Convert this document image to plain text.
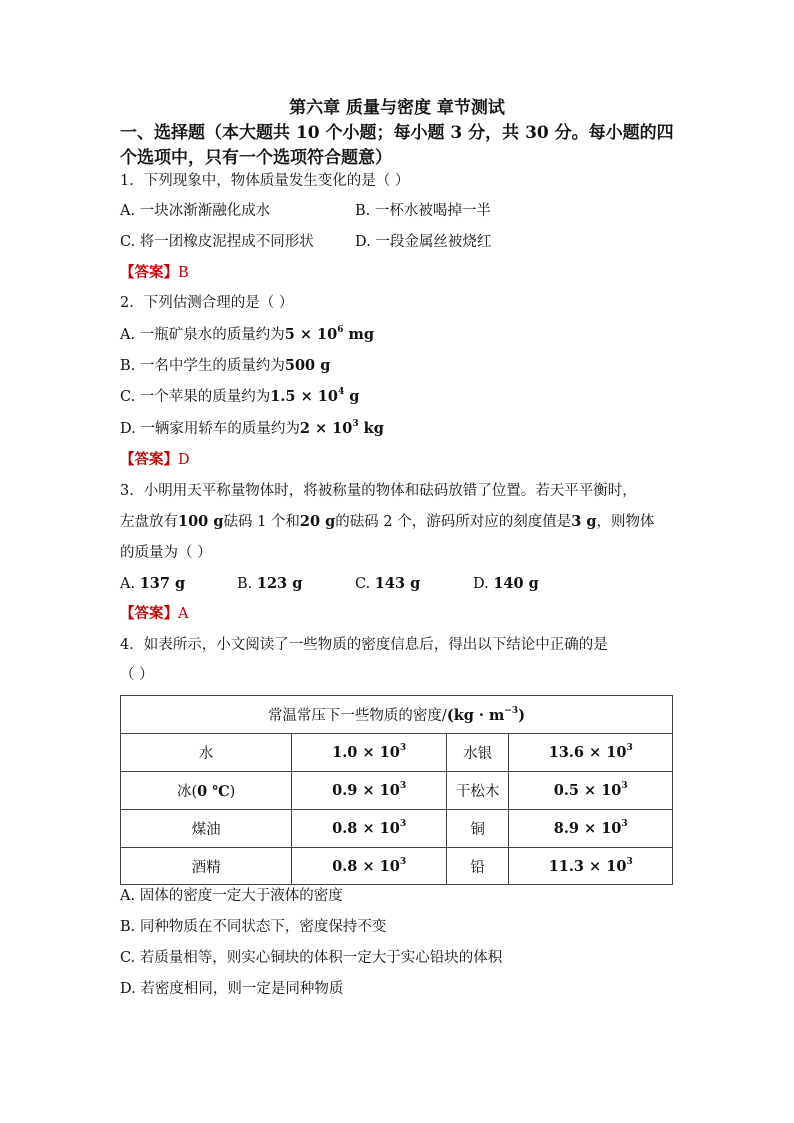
第六章 质量与密度 章节测试

一、选择题（本大题共 10 个小题；每小题 3 分，共 30 分。每小题的四个选项中，只有一个选项符合题意）

1．下列现象中，物体质量发生变化的是（ ）
A. 一块冰渐渐融化成水	B. 一杯水被喝掉一半
C. 将一团橡皮泥捏成不同形状	D. 一段金属丝被烧红
【答案】B
2．下列估测合理的是（ ）
A. 一瓶矿泉水的质量约为$5 \times 10^6$ mg
B. 一名中学生的质量约为500 g
C. 一个苹果的质量约为$1.5 \times 10^4$ g
D. 一辆家用轿车的质量约为$2 \times 10^3$ kg
【答案】D
3．小明用天平称量物体时，将被称量的物体和砝码放错了位置。若天平平衡时，
左盘放有100 g砝码 1 个和20 g的砝码 2 个，游码所对应的刻度值是3 g，则物体
的质量为（ ）
A. 137 g	B. 123 g	C. 143 g	D. 140 g
【答案】A
4．如表所示，小文阅读了一些物质的密度信息后，得出以下结论中正确的是
（ ）
常温常压下一些物质的密度$/(kg \cdot m^{-3})$			
水	$1.0 \times 10^3$	水银	$13.6 \times 10^3$
冰(0 ℃)	$0.9 \times 10^3$	干松木	$0.5 \times 10^3$
煤油	$0.8 \times 10^3$	铜	$8.9 \times 10^3$
酒精	$0.8 \times 10^3$	铅	$11.3 \times 10^3$
A. 固体的密度一定大于液体的密度
B. 同种物质在不同状态下，密度保持不变
C. 若质量相等，则实心铜块的体积一定大于实心铅块的体积
D. 若密度相同，则一定是同种物质
